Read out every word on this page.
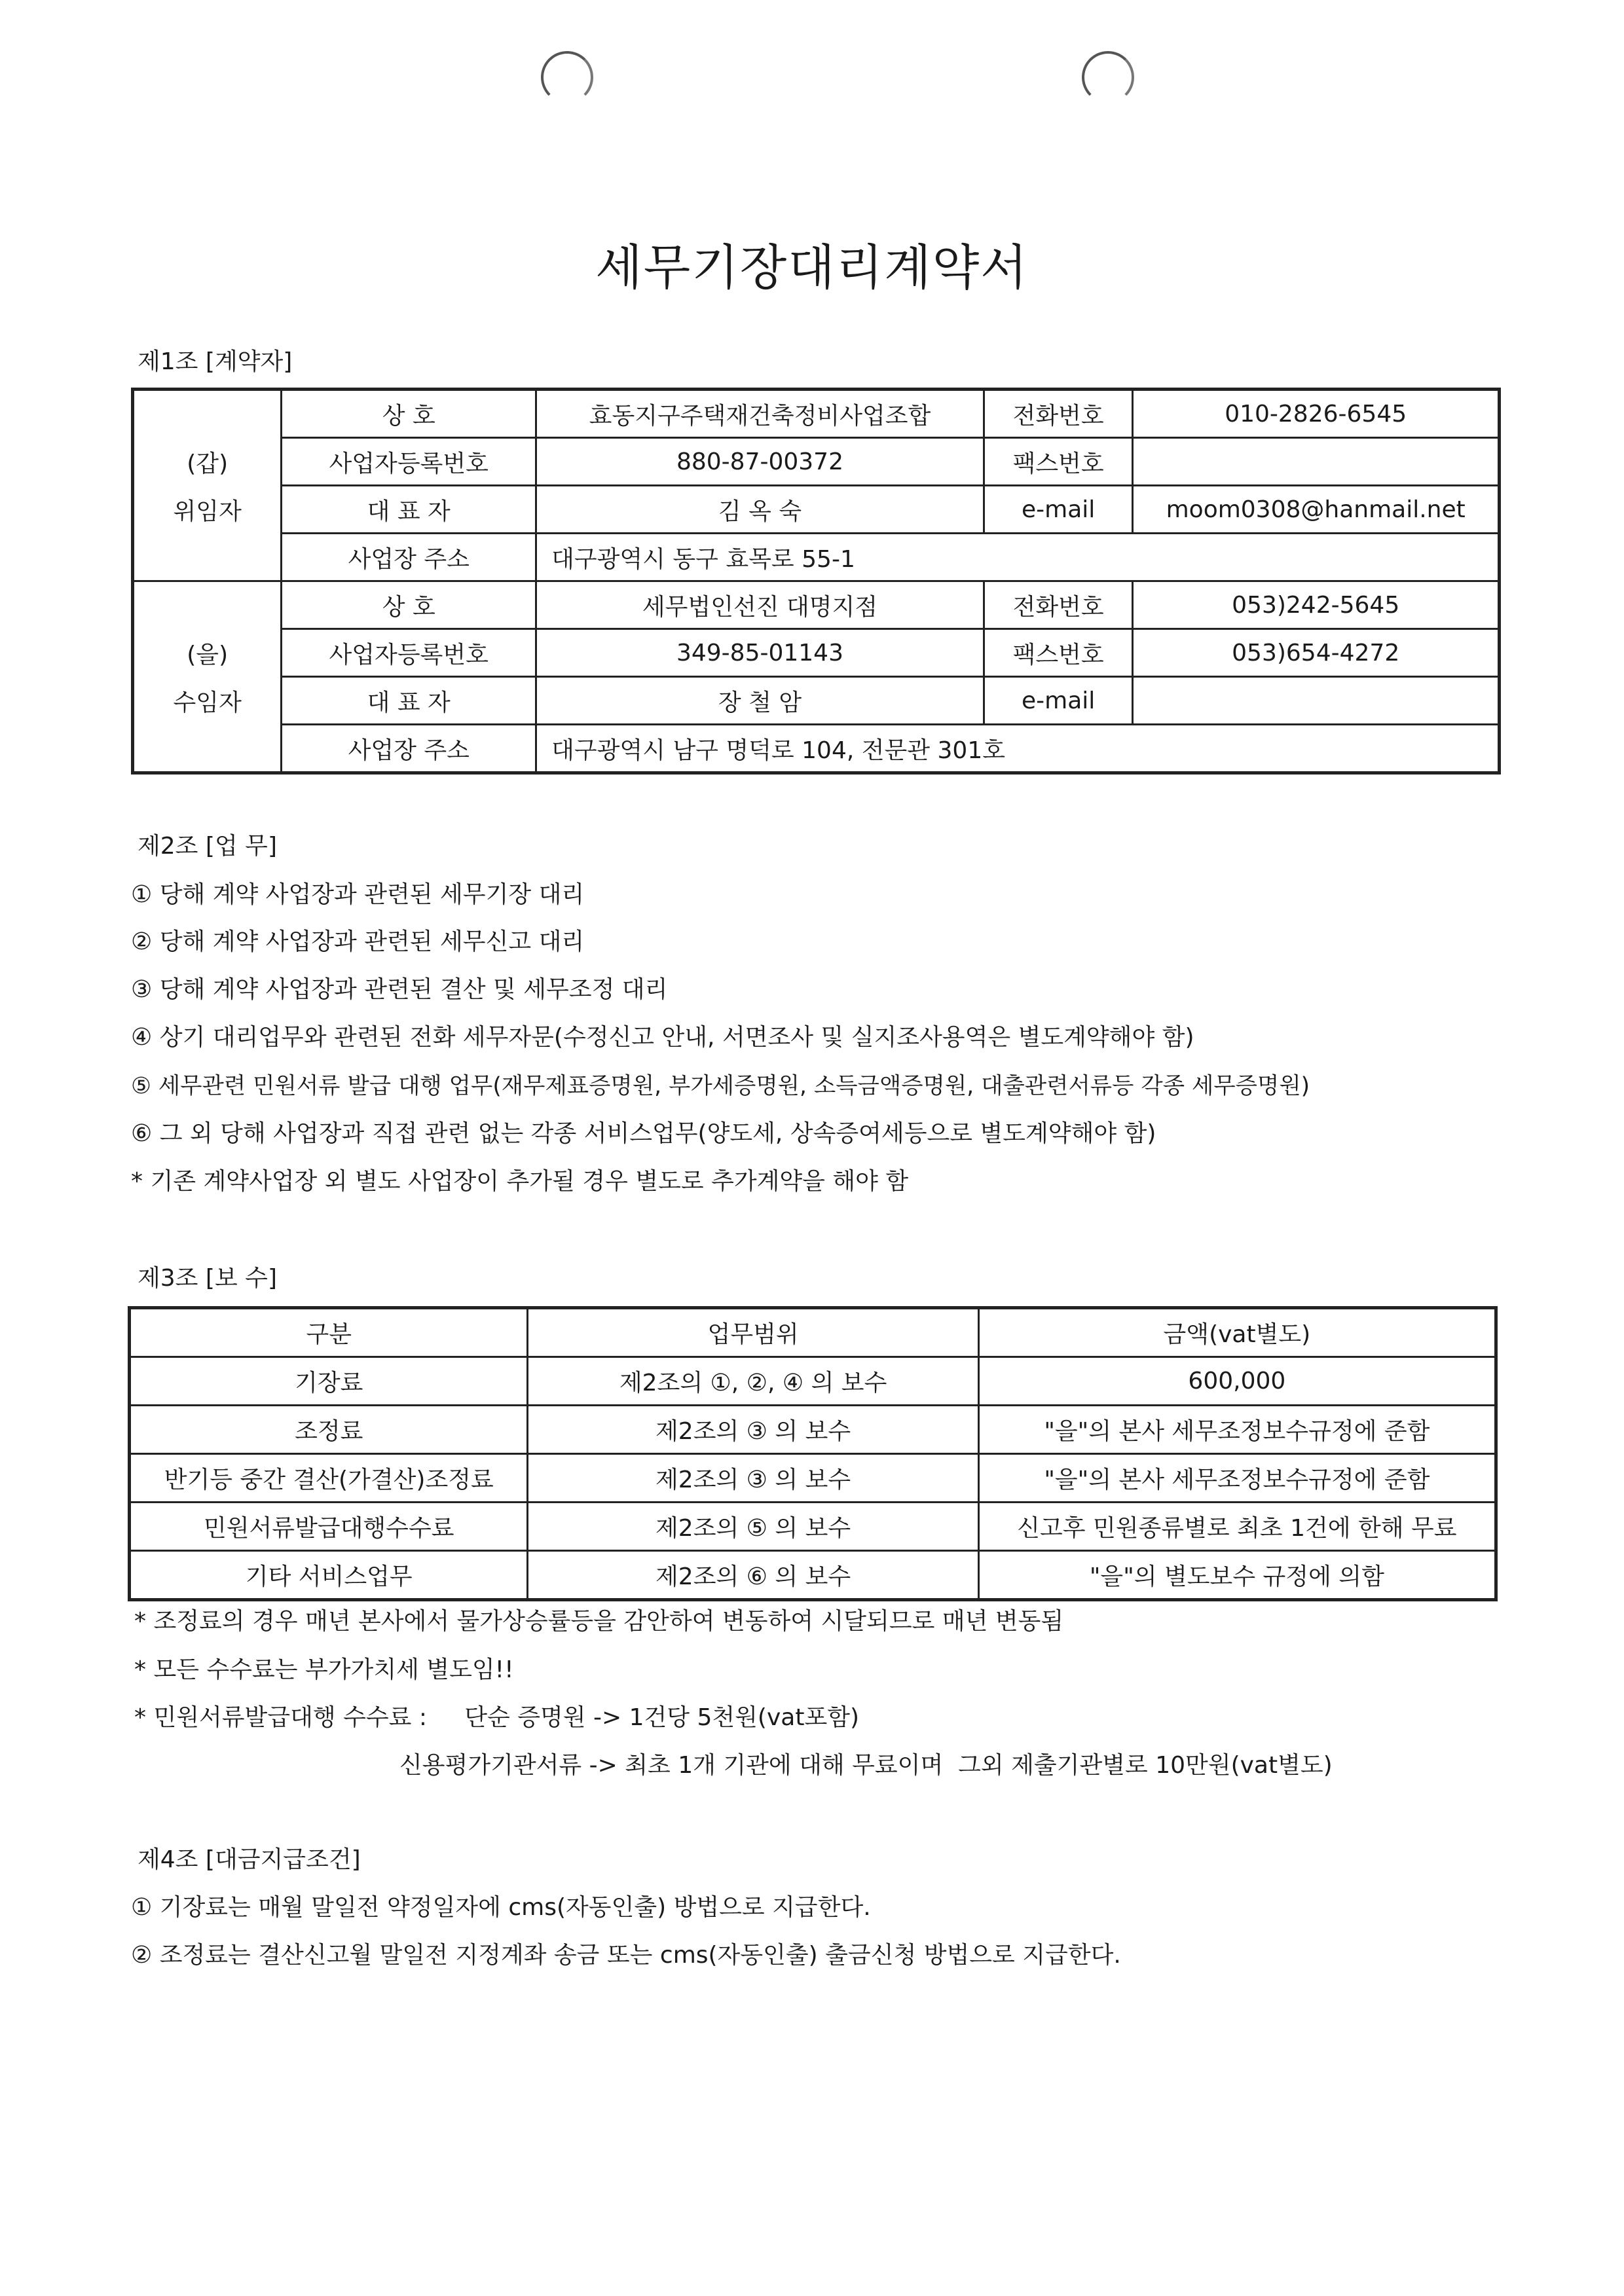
세무기장대리계약서
제1조 [계약자]
	상 호	효동지구주택재건축정비사업조합	전화번호	010-2826-6545
(갑)	사업자등록번호	880-87-00372	팩스번호	
위임자	대 표 자	김 옥 숙	e-mail	moom0308@hanmail.net
	사업장 주소	대구광역시 동구 효목로 55-1		
	상 호	세무법인선진 대명지점	전화번호	053)242-5645
(을)	사업자등록번호	349-85-01143	팩스번호	053)654-4272
수임자	대 표 자	장 철 암	e-mail	
	사업장 주소	대구광역시 남구 명덕로 104, 전문관 301호		
제2조 [업 무]
① 당해 계약 사업장과 관련된 세무기장 대리
② 당해 계약 사업장과 관련된 세무신고 대리
③ 당해 계약 사업장과 관련된 결산 및 세무조정 대리
④ 상기 대리업무와 관련된 전화 세무자문(수정신고 안내, 서면조사 및 실지조사용역은 별도계약해야 함)
⑤ 세무관련 민원서류 발급 대행 업무(재무제표증명원, 부가세증명원, 소득금액증명원, 대출관련서류등 각종 세무증명원)
⑥ 그 외 당해 사업장과 직접 관련 없는 각종 서비스업무(양도세, 상속증여세등으로 별도계약해야 함)
* 기존 계약사업장 외 별도 사업장이 추가될 경우 별도로 추가계약을 해야 함
제3조 [보 수]
구분	업무범위	금액(vat별도)
기장료	제2조의 ①, ②, ④ 의 보수	600,000
조정료	제2조의 ③ 의 보수	"을"의 본사 세무조정보수규정에 준함
반기등 중간 결산(가결산)조정료	제2조의 ③ 의 보수	"을"의 본사 세무조정보수규정에 준함
민원서류발급대행수수료	제2조의 ⑤ 의 보수	신고후 민원종류별로 최초 1건에 한해 무료
기타 서비스업무	제2조의 ⑥ 의 보수	"을"의 별도보수 규정에 의함
* 조정료의 경우 매년 본사에서 물가상승률등을 감안하여 변동하여 시달되므로 매년 변동됨
* 모든 수수료는 부가가치세 별도임!!
* 민원서류발급대행 수수료 :     단순 증명원 -> 1건당 5천원(vat포함)
신용평가기관서류 -> 최초 1개 기관에 대해 무료이며  그외 제출기관별로 10만원(vat별도)
제4조 [대금지급조건]
① 기장료는 매월 말일전 약정일자에 cms(자동인출) 방법으로 지급한다.
② 조정료는 결산신고월 말일전 지정계좌 송금 또는 cms(자동인출) 출금신청 방법으로 지급한다.
